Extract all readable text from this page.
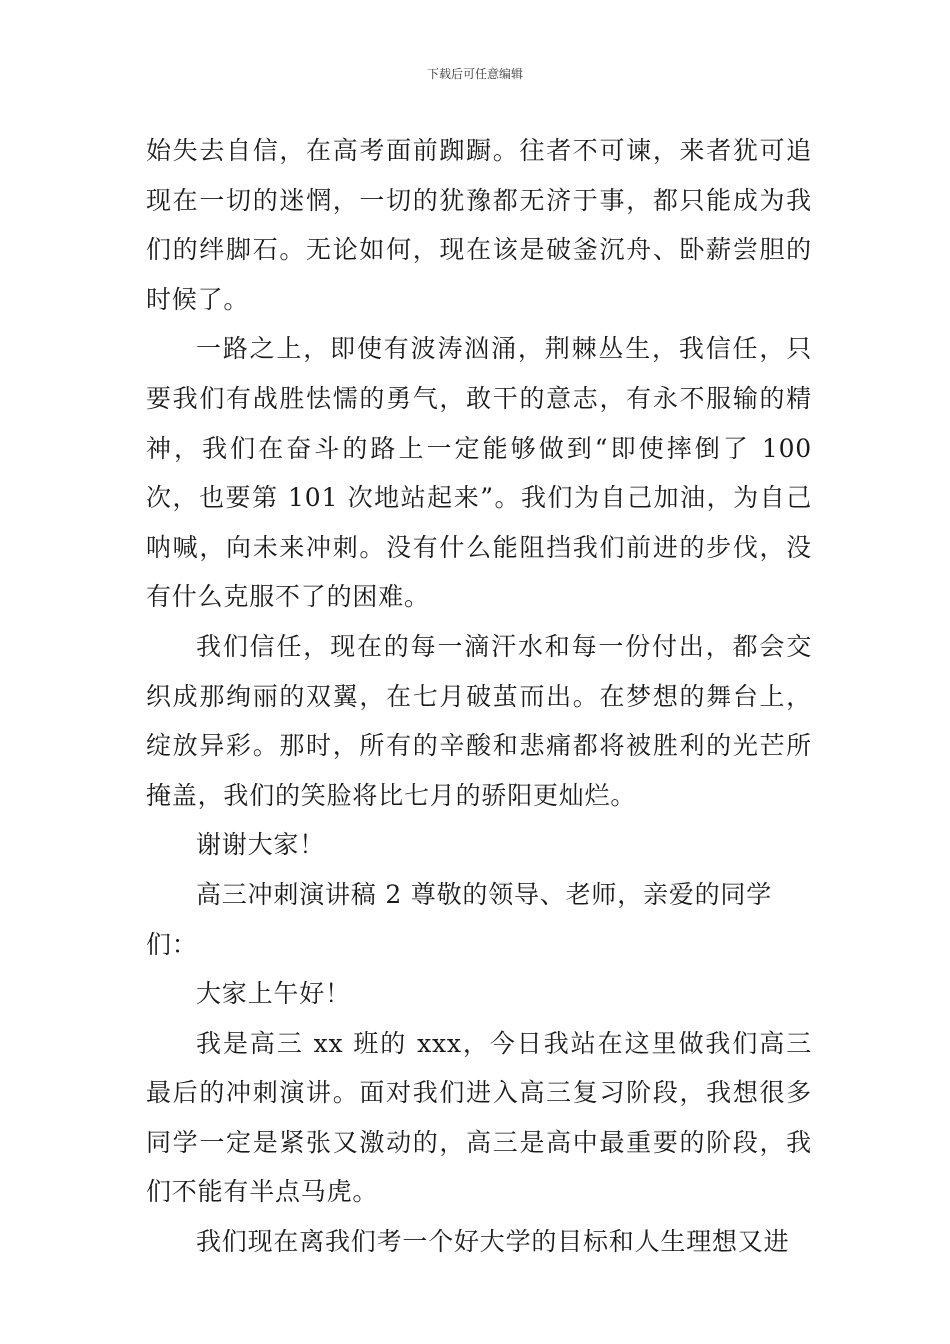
下载后可任意编辑

始失去自信，在高考面前踟蹰。往者不可谏，来者犹可追现在一切的迷惘，一切的犹豫都无济于事，都只能成为我们的绊脚石。无论如何，现在该是破釜沉舟、卧薪尝胆的时候了。

一路之上，即使有波涛汹涌，荆棘丛生，我信任，只要我们有战胜怯懦的勇气，敢干的意志，有永不服输的精神，我们在奋斗的路上一定能够做到“即使摔倒了 100 次，也要第 101 次地站起来”。我们为自己加油，为自己呐喊，向未来冲刺。没有什么能阻挡我们前进的步伐，没有什么克服不了的困难。

我们信任，现在的每一滴汗水和每一份付出，都会交织成那绚丽的双翼，在七月破茧而出。在梦想的舞台上，绽放异彩。那时，所有的辛酸和悲痛都将被胜利的光芒所掩盖，我们的笑脸将比七月的骄阳更灿烂。

谢谢大家！

高三冲刺演讲稿 2 尊敬的领导、老师，亲爱的同学们：

大家上午好！

我是高三 xx 班的 xxx，今日我站在这里做我们高三最后的冲刺演讲。面对我们进入高三复习阶段，我想很多同学一定是紧张又激动的，高三是高中最重要的阶段，我们不能有半点马虎。

我们现在离我们考一个好大学的目标和人生理想又进
